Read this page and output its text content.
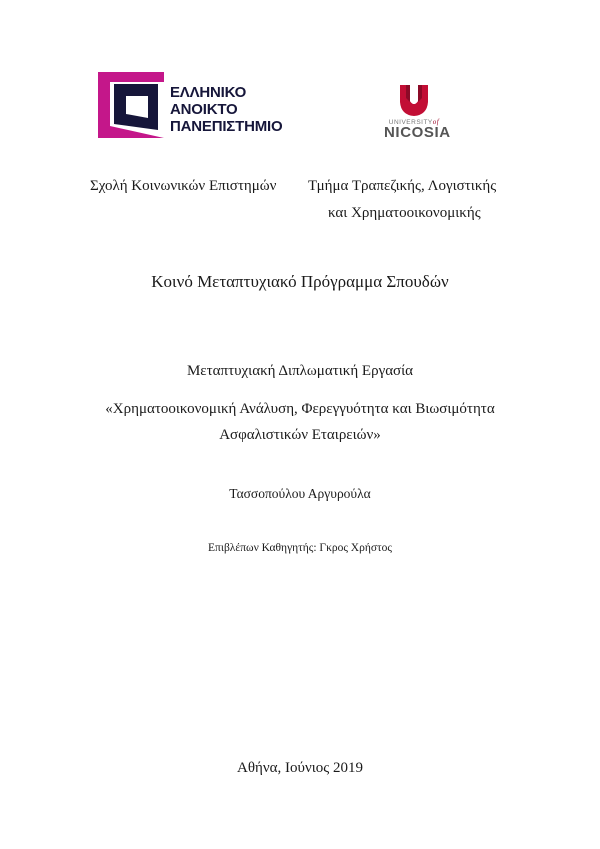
ΕΛΛΗΝΙΚΟ
ΑΝΟΙΚΤΟ
ΠΑΝΕΠΙΣΤΗΜΙΟ	UNIVERSITYof
NICOSIA
Σχολή Κοινωνικών Επιστημών Τμήμα Τραπεζικής, Λογιστικής
και Χρηματοοικονομικής
Κοινό Μεταπτυχιακό Πρόγραμμα Σπουδών
Μεταπτυχιακή Διπλωματική Εργασία
«Χρηματοοικονομική Ανάλυση, Φερεγγυότητα και Βιωσιμότητα
Ασφαλιστικών Εταιρειών»
Τασσοπούλου Αργυρούλα
Επιβλέπων Καθηγητής: Γκρος Χρήστος
Αθήνα, Ιούνιος 2019
